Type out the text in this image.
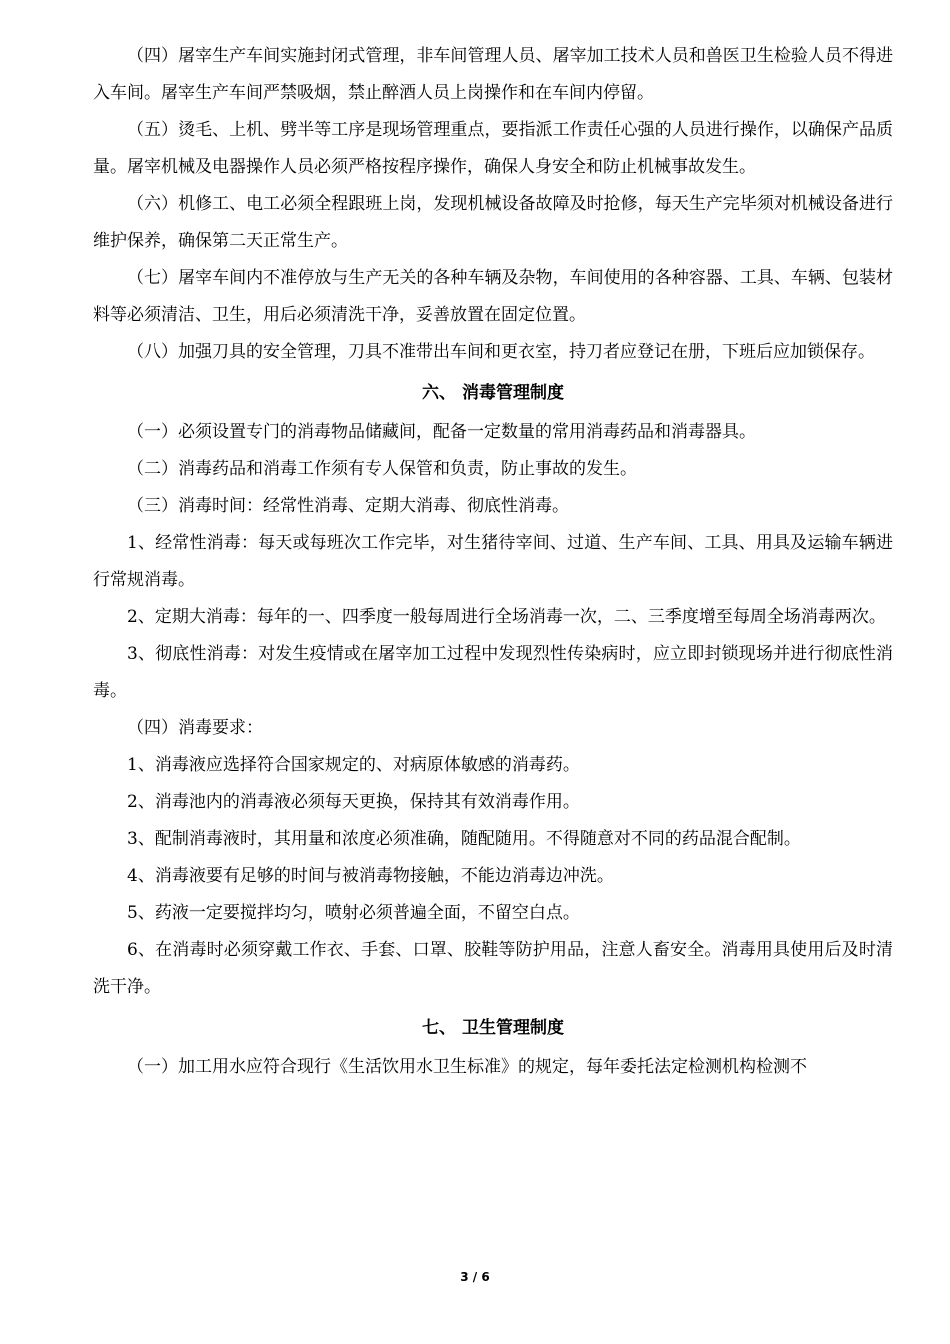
（四）屠宰生产车间实施封闭式管理，非车间管理人员、屠宰加工技术人员和兽医卫生检验人员不得进入车间。屠宰生产车间严禁吸烟，禁止醉酒人员上岗操作和在车间内停留。

（五）烫毛、上机、劈半等工序是现场管理重点，要指派工作责任心强的人员进行操作，以确保产品质量。屠宰机械及电器操作人员必须严格按程序操作，确保人身安全和防止机械事故发生。

（六）机修工、电工必须全程跟班上岗，发现机械设备故障及时抢修，每天生产完毕须对机械设备进行维护保养，确保第二天正常生产。

（七）屠宰车间内不准停放与生产无关的各种车辆及杂物，车间使用的各种容器、工具、车辆、包装材料等必须清洁、卫生，用后必须清洗干净，妥善放置在固定位置。

（八）加强刀具的安全管理，刀具不准带出车间和更衣室，持刀者应登记在册，下班后应加锁保存。

六、 消毒管理制度

（一）必须设置专门的消毒物品储藏间，配备一定数量的常用消毒药品和消毒器具。

（二）消毒药品和消毒工作须有专人保管和负责，防止事故的发生。

（三）消毒时间：经常性消毒、定期大消毒、彻底性消毒。

1、经常性消毒：每天或每班次工作完毕，对生猪待宰间、过道、生产车间、工具、用具及运输车辆进行常规消毒。

2、定期大消毒：每年的一、四季度一般每周进行全场消毒一次，二、三季度增至每周全场消毒两次。

3、彻底性消毒：对发生疫情或在屠宰加工过程中发现烈性传染病时，应立即封锁现场并进行彻底性消毒。

（四）消毒要求：

1、消毒液应选择符合国家规定的、对病原体敏感的消毒药。

2、消毒池内的消毒液必须每天更换，保持其有效消毒作用。

3、配制消毒液时，其用量和浓度必须准确，随配随用。不得随意对不同的药品混合配制。

4、消毒液要有足够的时间与被消毒物接触，不能边消毒边冲洗。

5、药液一定要搅拌均匀，喷射必须普遍全面，不留空白点。

6、在消毒时必须穿戴工作衣、手套、口罩、胶鞋等防护用品，注意人畜安全。消毒用具使用后及时清洗干净。

七、 卫生管理制度

（一）加工用水应符合现行《生活饮用水卫生标准》的规定，每年委托法定检测机构检测不

3 / 6
